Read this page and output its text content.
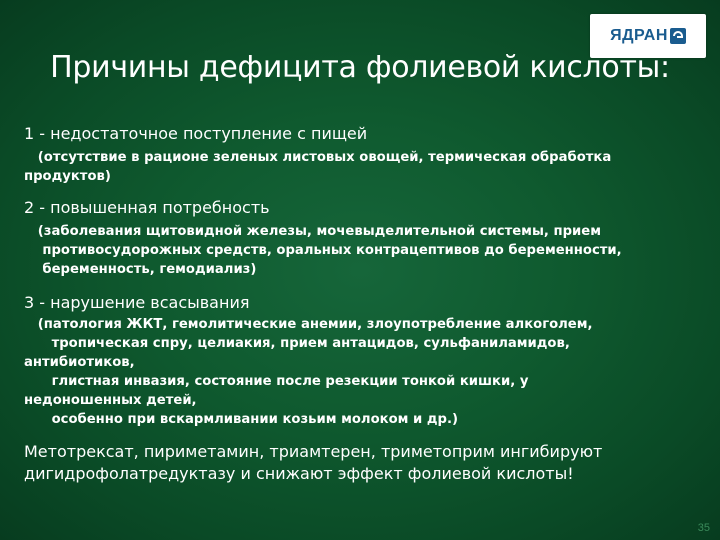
ЯДРАН
Причины дефицита фолиевой кислоты:

1 - недостаточное поступление с пищей

(отсутствие в рационе зеленых листовых овощей, термическая обработка
продуктов)

2 - повышенная потребность

(заболевания щитовидной железы, мочевыделительной системы, прием
противосудорожных средств, оральных контрацептивов до беременности,
беременность, гемодиализ)

3 - нарушение всасывания

(патология ЖКТ, гемолитические анемии, злоупотребление алкоголем,
тропическая спру, целиакия, прием антацидов, сульфаниламидов,
антибиотиков,
глистная инвазия, состояние после резекции тонкой кишки, у
недоношенных детей,
особенно при вскармливании козьим молоком и др.)

Метотрексат, пириметамин, триамтерен, триметоприм ингибируют дигидрофолатредуктазу и снижают эффект фолиевой кислоты!
35
